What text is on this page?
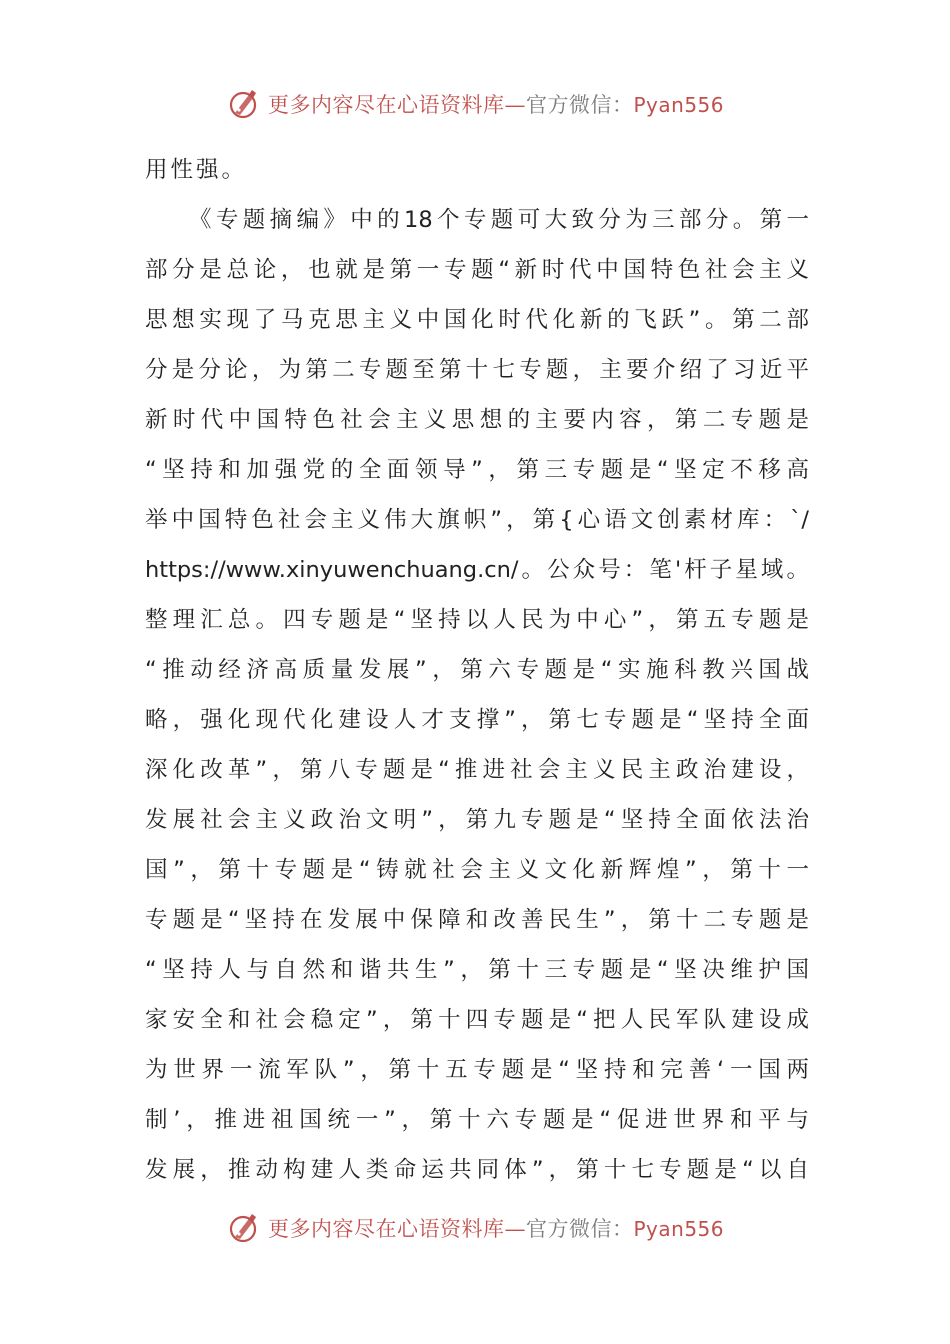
更多内容尽在心语资料库—官方微信：Pyan556
用性强。
《专题摘编》中的18个专题可大致分为三部分。第一
部分是总论，也就是第一专题“新时代中国特色社会主义
思想实现了马克思主义中国化时代化新的飞跃”。第二部
分是分论，为第二专题至第十七专题，主要介绍了习近平
新时代中国特色社会主义思想的主要内容，第二专题是
“坚持和加强党的全面领导”，第三专题是“坚定不移高
举中国特色社会主义伟大旗帜”，第{心语文创素材库：`/
https://www.xinyuwenchuang.cn/。公众号：笔'杆子星域。
整理汇总。四专题是“坚持以人民为中心”，第五专题是
“推动经济高质量发展”，第六专题是“实施科教兴国战
略，强化现代化建设人才支撑”，第七专题是“坚持全面
深化改革”，第八专题是“推进社会主义民主政治建设，
发展社会主义政治文明”，第九专题是“坚持全面依法治
国”，第十专题是“铸就社会主义文化新辉煌”，第十一
专题是“坚持在发展中保障和改善民生”，第十二专题是
“坚持人与自然和谐共生”，第十三专题是“坚决维护国
家安全和社会稳定”，第十四专题是“把人民军队建设成
为世界一流军队”，第十五专题是“坚持和完善‘一国两
制’，推进祖国统一”，第十六专题是“促进世界和平与
发展，推动构建人类命运共同体”，第十七专题是“以自
更多内容尽在心语资料库—官方微信：Pyan556
